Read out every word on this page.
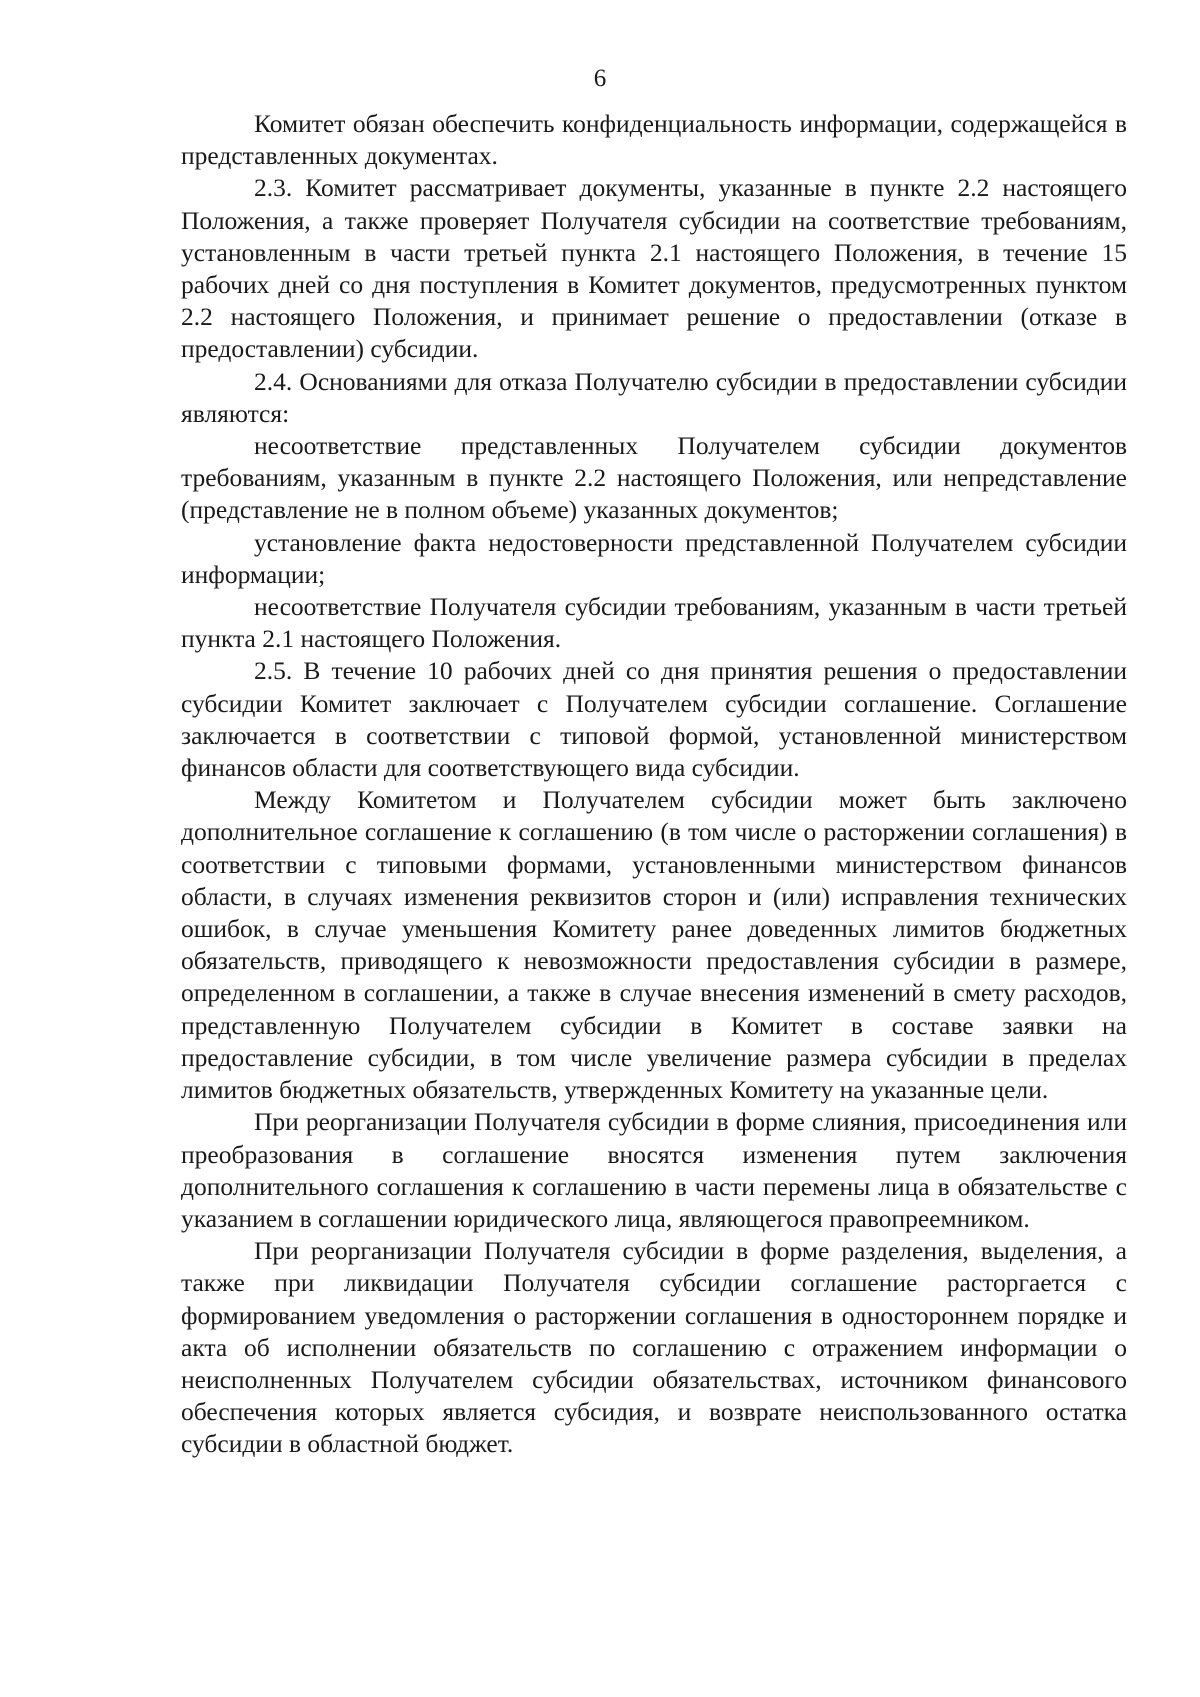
6

Комитет обязан обеспечить конфиденциальность информации, содержащейся в представленных документах.

2.3. Комитет рассматривает документы, указанные в пункте 2.2 настоящего Положения, а также проверяет Получателя субсидии на соответствие требованиям, установленным в части третьей пункта 2.1 настоящего Положения, в течение 15 рабочих дней со дня поступления в Комитет документов, предусмотренных пунктом 2.2 настоящего Положения, и принимает решение о предоставлении (отказе в предоставлении) субсидии.

2.4. Основаниями для отказа Получателю субсидии в предоставлении субсидии являются:

несоответствие представленных Получателем субсидии документов требованиям, указанным в пункте 2.2 настоящего Положения, или непредставление (представление не в полном объеме) указанных документов;

установление факта недостоверности представленной Получателем субсидии информации;

несоответствие Получателя субсидии требованиям, указанным в части третьей пункта 2.1 настоящего Положения.

2.5. В течение 10 рабочих дней со дня принятия решения о предоставлении субсидии Комитет заключает с Получателем субсидии соглашение. Соглашение заключается в соответствии с типовой формой, установленной министерством финансов области для соответствующего вида субсидии.

Между Комитетом и Получателем субсидии может быть заключено дополнительное соглашение к соглашению (в том числе о расторжении соглашения) в соответствии с типовыми формами, установленными министерством финансов области, в случаях изменения реквизитов сторон и (или) исправления технических ошибок, в случае уменьшения Комитету ранее доведенных лимитов бюджетных обязательств, приводящего к невозможности предоставления субсидии в размере, определенном в соглашении, а также в случае внесения изменений в смету расходов, представленную Получателем субсидии в Комитет в составе заявки на предоставление субсидии, в том числе увеличение размера субсидии в пределах лимитов бюджетных обязательств, утвержденных Комитету на указанные цели.

При реорганизации Получателя субсидии в форме слияния, присоединения или преобразования в соглашение вносятся изменения путем заключения дополнительного соглашения к соглашению в части перемены лица в обязательстве с указанием в соглашении юридического лица, являющегося правопреемником.

При реорганизации Получателя субсидии в форме разделения, выделения, а также при ликвидации Получателя субсидии соглашение расторгается с формированием уведомления о расторжении соглашения в одностороннем порядке и акта об исполнении обязательств по соглашению с отражением информации о неисполненных Получателем субсидии обязательствах, источником финансового обеспечения которых является субсидия, и возврате неиспользованного остатка субсидии в областной бюджет.
